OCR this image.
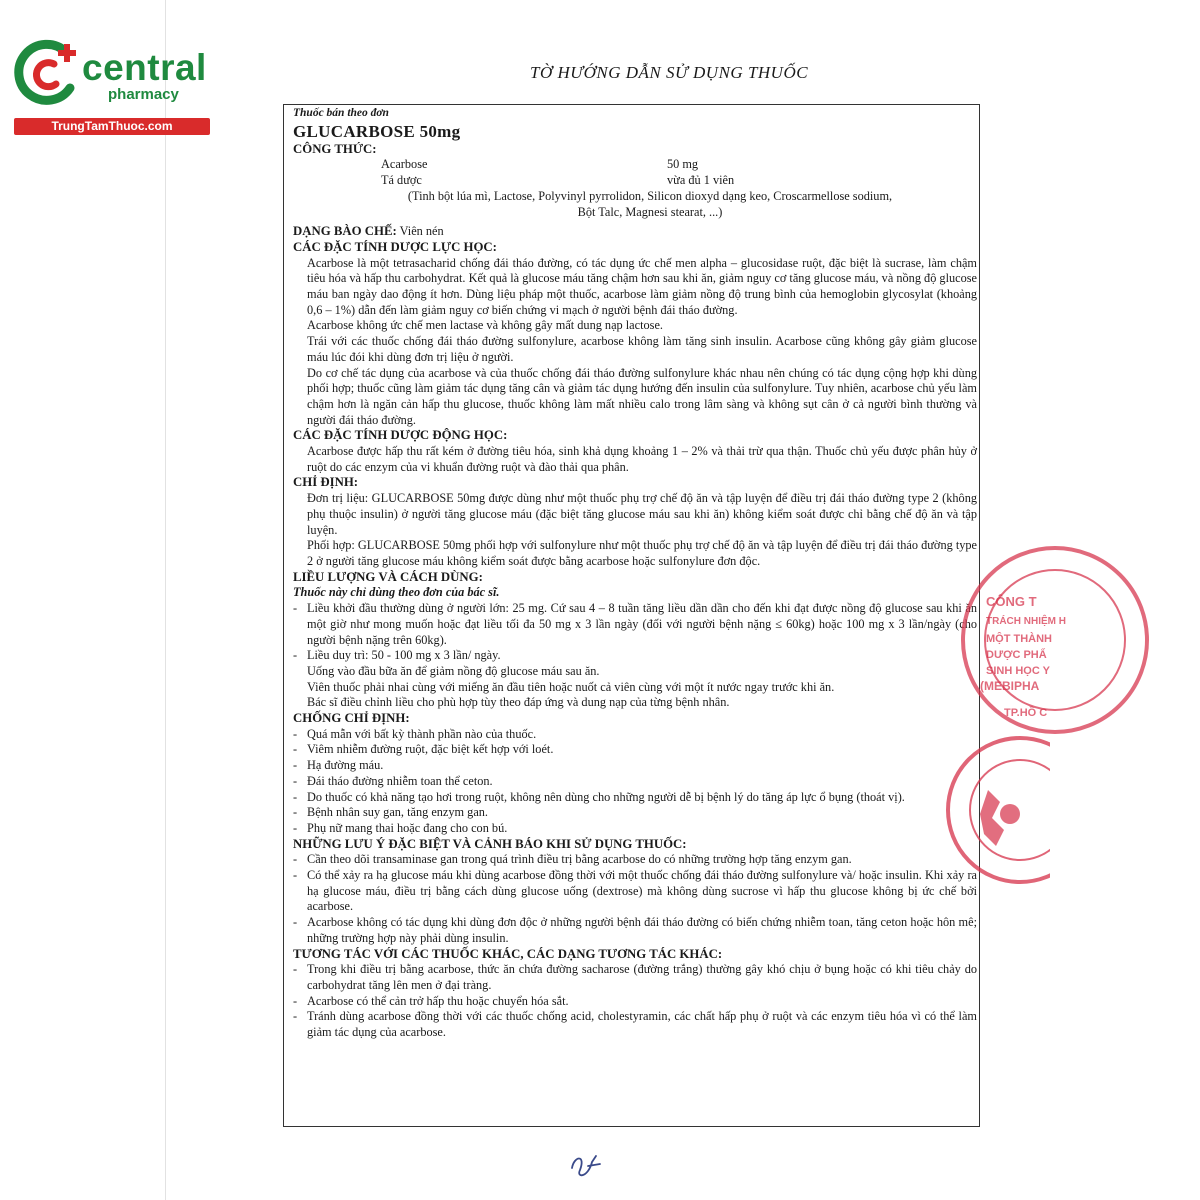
central
pharmacy
TrungTamThuoc.com
TỜ HƯỚNG DẪN SỬ DỤNG THUỐC

Thuốc bán theo đơn

GLUCARBOSE 50mg

CÔNG THỨC:

Acarbose	50 mg
Tá dược	vừa đủ 1 viên

(Tinh bột lúa mì, Lactose, Polyvinyl pyrrolidon, Silicon dioxyd dạng keo, Croscarmellose sodium,

Bột Talc, Magnesi stearat, ...)

DẠNG BÀO CHẾ: Viên nén

CÁC ĐẶC TÍNH DƯỢC LỰC HỌC:

Acarbose là một tetrasacharid chống đái tháo đường, có tác dụng ức chế men alpha – glucosidase ruột, đặc biệt là sucrase, làm chậm tiêu hóa và hấp thu carbohydrat. Kết quả là glucose máu tăng chậm hơn sau khi ăn, giảm nguy cơ tăng glucose máu, và nồng độ glucose máu ban ngày dao động ít hơn. Dùng liệu pháp một thuốc, acarbose làm giảm nồng độ trung bình của hemoglobin glycosylat (khoảng 0,6 – 1%) dẫn đến làm giảm nguy cơ biến chứng vi mạch ở người bệnh đái tháo đường.

Acarbose không ức chế men lactase và không gây mất dung nạp lactose.

Trái với các thuốc chống đái tháo đường sulfonylure, acarbose không làm tăng sinh insulin. Acarbose cũng không gây giảm glucose máu lúc đói khi dùng đơn trị liệu ở người.

Do cơ chế tác dụng của acarbose và của thuốc chống đái tháo đường sulfonylure khác nhau nên chúng có tác dụng cộng hợp khi dùng phối hợp; thuốc cũng làm giảm tác dụng tăng cân và giảm tác dụng hướng đến insulin của sulfonylure. Tuy nhiên, acarbose chủ yếu làm chậm hơn là ngăn cản hấp thu glucose, thuốc không làm mất nhiều calo trong lâm sàng và không sụt cân ở cả người bình thường và người đái tháo đường.

CÁC ĐẶC TÍNH DƯỢC ĐỘNG HỌC:

Acarbose được hấp thu rất kém ở đường tiêu hóa, sinh khả dụng khoảng 1 – 2% và thải trừ qua thận. Thuốc chủ yếu được phân hủy ở ruột do các enzym của vi khuẩn đường ruột và đào thải qua phân.

CHỈ ĐỊNH:

Đơn trị liệu: GLUCARBOSE 50mg được dùng như một thuốc phụ trợ chế độ ăn và tập luyện để điều trị đái tháo đường type 2 (không phụ thuộc insulin) ở người tăng glucose máu (đặc biệt tăng glucose máu sau khi ăn) không kiểm soát được chỉ bằng chế độ ăn và tập luyện.

Phối hợp: GLUCARBOSE 50mg phối hợp với sulfonylure như một thuốc phụ trợ chế độ ăn và tập luyện để điều trị đái tháo đường type 2 ở người tăng glucose máu không kiểm soát được bằng acarbose hoặc sulfonylure đơn độc.

LIỀU LƯỢNG VÀ CÁCH DÙNG:

Thuốc này chỉ dùng theo đơn của bác sĩ.

- Liều khởi đầu thường dùng ở người lớn: 25 mg. Cứ sau 4 – 8 tuần tăng liều dần dần cho đến khi đạt được nồng độ glucose sau khi ăn một giờ như mong muốn hoặc đạt liều tối đa 50 mg x 3 lần ngày (đối với người bệnh nặng ≤ 60kg) hoặc 100 mg x 3 lần/ngày (cho người bệnh nặng trên 60kg).
- Liều duy trì: 50 - 100 mg x 3 lần/ ngày.

Uống vào đầu bữa ăn để giảm nồng độ glucose máu sau ăn.

Viên thuốc phải nhai cùng với miếng ăn đầu tiên hoặc nuốt cả viên cùng với một ít nước ngay trước khi ăn.

Bác sĩ điều chỉnh liều cho phù hợp tùy theo đáp ứng và dung nạp của từng bệnh nhân.

CHỐNG CHỈ ĐỊNH:

- Quá mẫn với bất kỳ thành phần nào của thuốc.
- Viêm nhiễm đường ruột, đặc biệt kết hợp với loét.
- Hạ đường máu.
- Đái tháo đường nhiễm toan thể ceton.
- Do thuốc có khả năng tạo hơi trong ruột, không nên dùng cho những người dễ bị bệnh lý do tăng áp lực ổ bụng (thoát vị).
- Bệnh nhân suy gan, tăng enzym gan.
- Phụ nữ mang thai hoặc đang cho con bú.

NHỮNG LƯU Ý ĐẶC BIỆT VÀ CẢNH BÁO KHI SỬ DỤNG THUỐC:

- Cần theo dõi transaminase gan trong quá trình điều trị bằng acarbose do có những trường hợp tăng enzym gan.
- Có thể xảy ra hạ glucose máu khi dùng acarbose đồng thời với một thuốc chống đái tháo đường sulfonylure và/ hoặc insulin. Khi xảy ra hạ glucose máu, điều trị bằng cách dùng glucose uống (dextrose) mà không dùng sucrose vì hấp thu glucose không bị ức chế bởi acarbose.
- Acarbose không có tác dụng khi dùng đơn độc ở những người bệnh đái tháo đường có biến chứng nhiễm toan, tăng ceton hoặc hôn mê; những trường hợp này phải dùng insulin.

TƯƠNG TÁC VỚI CÁC THUỐC KHÁC, CÁC DẠNG TƯƠNG TÁC KHÁC:

- Trong khi điều trị bằng acarbose, thức ăn chứa đường sacharose (đường trắng) thường gây khó chịu ở bụng hoặc có khi tiêu chảy do carbohydrat tăng lên men ở đại tràng.
- Acarbose có thể cản trở hấp thu hoặc chuyển hóa sắt.
- Tránh dùng acarbose đồng thời với các thuốc chống acid, cholestyramin, các chất hấp phụ ở ruột và các enzym tiêu hóa vì có thể làm giảm tác dụng của acarbose.
CÔNG T
TRÁCH NHIỆM H
MỘT THÀNH
DƯỢC PHẨ
SINH HỌC Y
(MEBIPHA
TP.HỒ C
